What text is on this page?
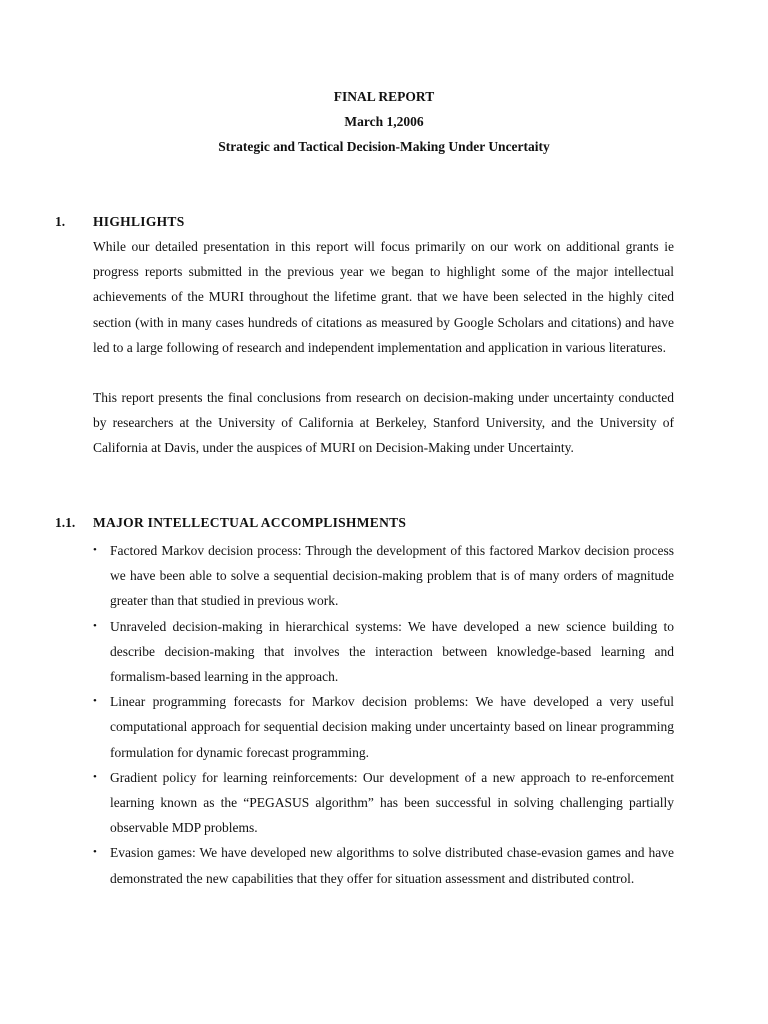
FINAL REPORT
March 1,2006
Strategic and Tactical Decision-Making Under Uncertaity
1. HIGHLIGHTS

While our detailed presentation in this report will focus primarily on our work on additional grants ie progress reports submitted in the previous year we began to highlight some of the major intellectual achievements of the MURI throughout the lifetime grant. that we have been selected in the highly cited section (with in many cases hundreds of citations as measured by Google Scholars and citations) and have led to a large following of research and independent implementation and application in various literatures.

This report presents the final conclusions from research on decision-making under uncertainty conducted by researchers at the University of California at Berkeley, Stanford University, and the University of California at Davis, under the auspices of MURI on Decision-Making under Uncertainty.

1.1. MAJOR INTELLECTUAL ACCOMPLISHMENTS
• Factored Markov decision process: Through the development of this factored Markov decision process we have been able to solve a sequential decision-making problem that is of many orders of magnitude greater than that studied in previous work.
• Unraveled decision-making in hierarchical systems: We have developed a new science building to describe decision-making that involves the interaction between knowledge-based learning and formalism-based learning in the approach.
• Linear programming forecasts for Markov decision problems: We have developed a very useful computational approach for sequential decision making under uncertainty based on linear programming formulation for dynamic forecast programming.
• Gradient policy for learning reinforcements: Our development of a new approach to re-enforcement learning known as the “PEGASUS algorithm” has been successful in solving challenging partially observable MDP problems.
• Evasion games: We have developed new algorithms to solve distributed chase-evasion games and have demonstrated the new capabilities that they offer for situation assessment and distributed control.
